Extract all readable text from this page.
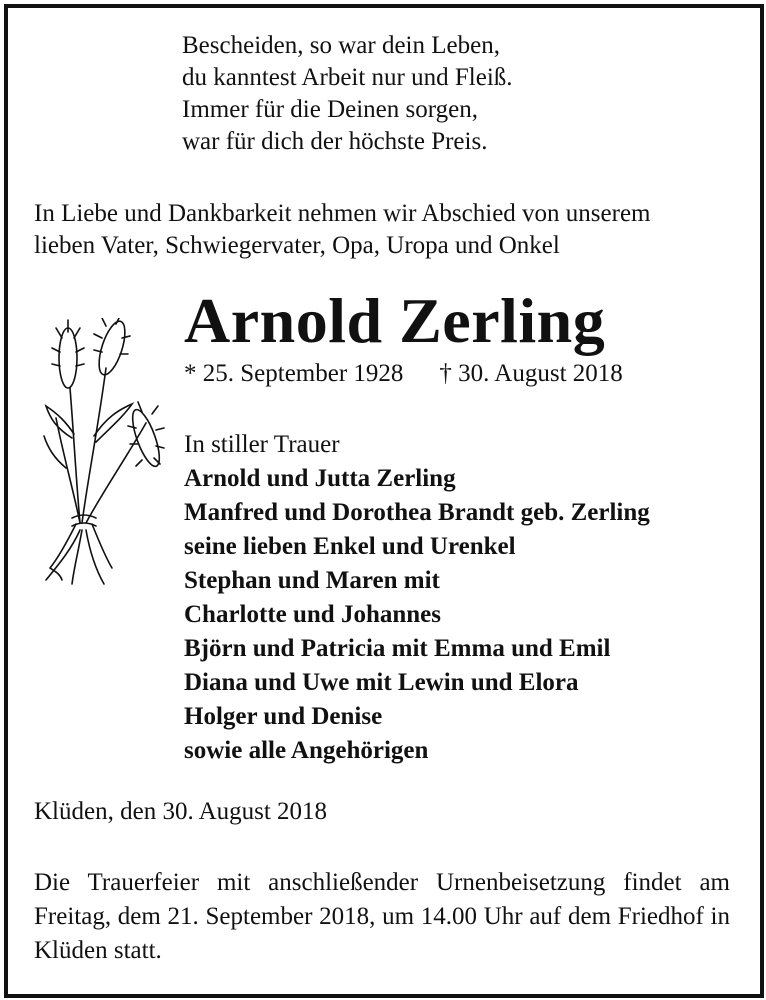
Bescheiden, so war dein Leben,
du kanntest Arbeit nur und Fleiß.
Immer für die Deinen sorgen,
war für dich der höchste Preis.
In Liebe und Dankbarkeit nehmen wir Abschied von unserem
lieben Vater, Schwiegervater, Opa, Uropa und Onkel
Arnold Zerling
* 25. September 1928 † 30. August 2018
In stiller Trauer
Arnold und Jutta Zerling
Manfred und Dorothea Brandt geb. Zerling
seine lieben Enkel und Urenkel
Stephan und Maren mit
Charlotte und Johannes
Björn und Patricia mit Emma und Emil
Diana und Uwe mit Lewin und Elora
Holger und Denise
sowie alle Angehörigen
Klüden, den 30. August 2018
Die Trauerfeier mit anschließender Urnenbeisetzung findet am Freitag, dem 21. September 2018, um 14.00 Uhr auf dem Friedhof in Klüden statt.
